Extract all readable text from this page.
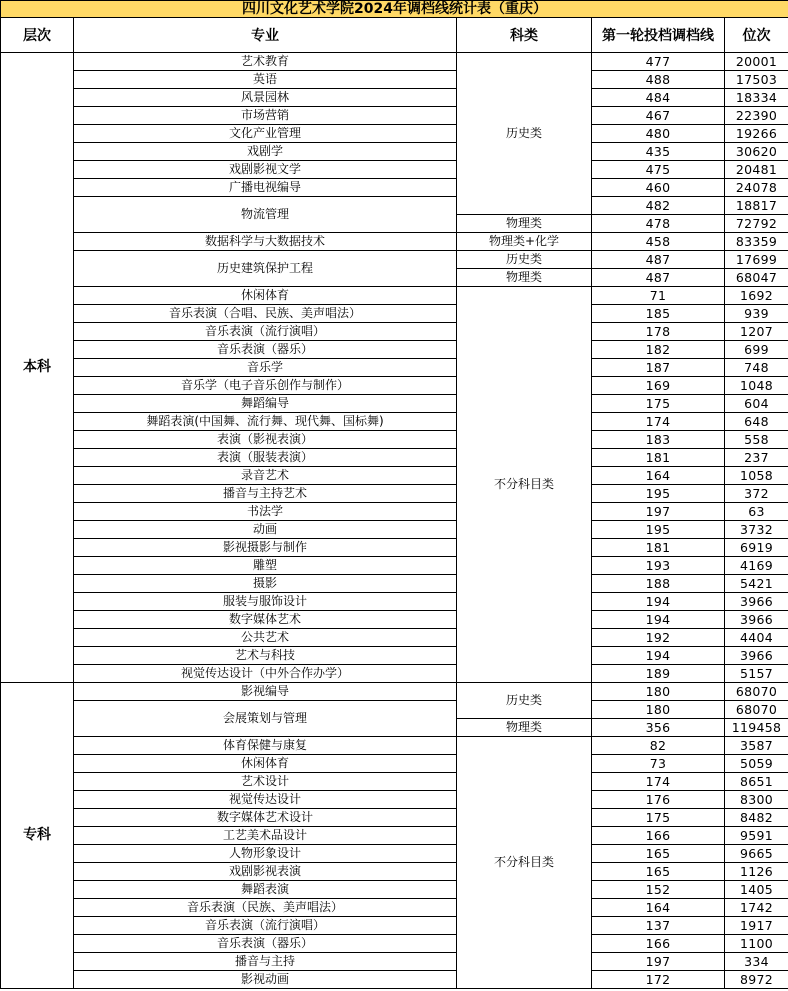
四川文化艺术学院2024年调档线统计表（重庆）				
层次	专业	科类	第一轮投档调档线	位次
本科	艺术教育	历史类	477	20001
	英语		488	17503
	风景园林		484	18334
	市场营销		467	22390
	文化产业管理		480	19266
	戏剧学		435	30620
	戏剧影视文学		475	20481
	广播电视编导		460	24078
	物流管理		482	18817
		物理类	478	72792
	数据科学与大数据技术	物理类+化学	458	83359
	历史建筑保护工程	历史类	487	17699
		物理类	487	68047
	休闲体育	不分科目类	71	1692
	音乐表演（合唱、民族、美声唱法）		185	939
	音乐表演（流行演唱）		178	1207
	音乐表演（器乐）		182	699
	音乐学		187	748
	音乐学（电子音乐创作与制作）		169	1048
	舞蹈编导		175	604
	舞蹈表演(中国舞、流行舞、现代舞、国标舞)		174	648
	表演（影视表演）		183	558
	表演（服装表演）		181	237
	录音艺术		164	1058
	播音与主持艺术		195	372
	书法学		197	63
	动画		195	3732
	影视摄影与制作		181	6919
	雕塑		193	4169
	摄影		188	5421
	服装与服饰设计		194	3966
	数字媒体艺术		194	3966
	公共艺术		192	4404
	艺术与科技		194	3966
	视觉传达设计（中外合作办学）		189	5157
专科	影视编导	历史类	180	68070
	会展策划与管理		180	68070
		物理类	356	119458
	体育保健与康复	不分科目类	82	3587
	休闲体育		73	5059
	艺术设计		174	8651
	视觉传达设计		176	8300
	数字媒体艺术设计		175	8482
	工艺美术品设计		166	9591
	人物形象设计		165	9665
	戏剧影视表演		165	1126
	舞蹈表演		152	1405
	音乐表演（民族、美声唱法）		164	1742
	音乐表演（流行演唱）		137	1917
	音乐表演（器乐）		166	1100
	播音与主持		197	334
	影视动画		172	8972
